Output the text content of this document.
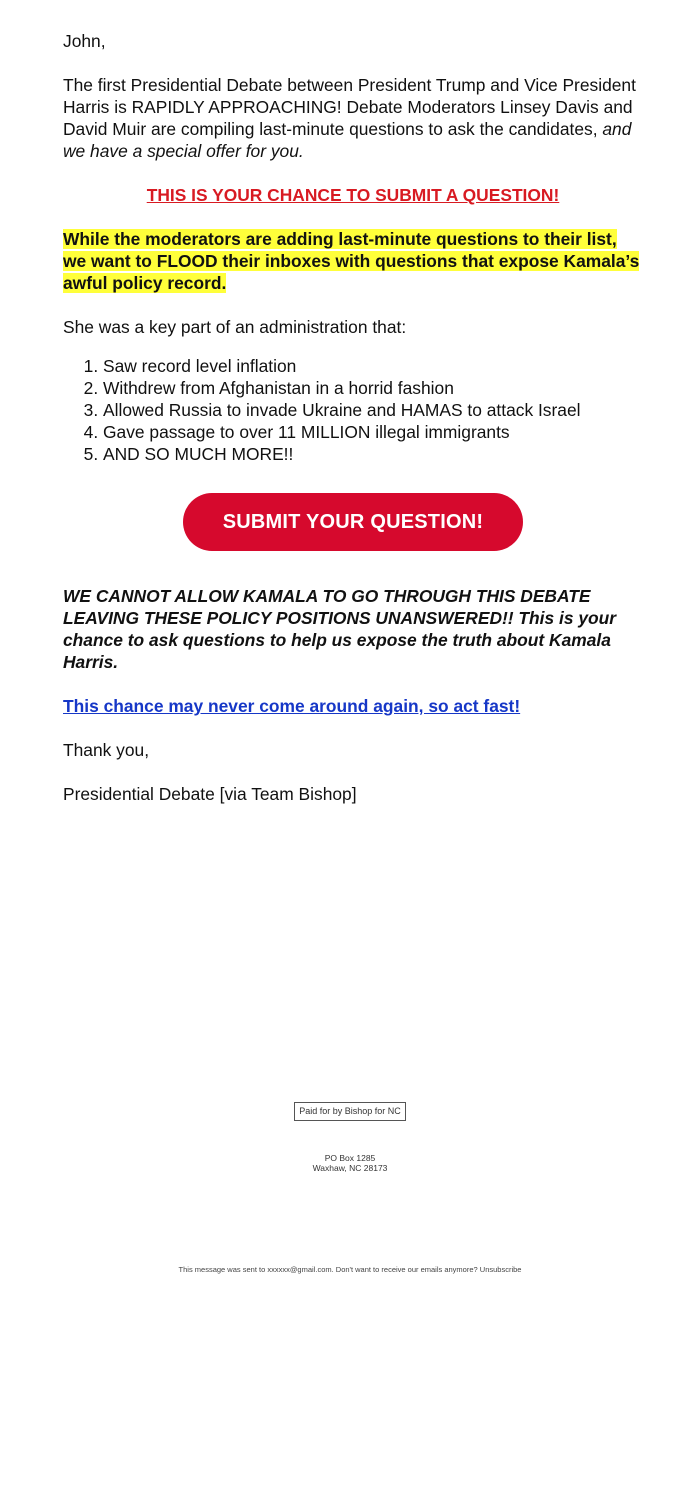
John,

The first Presidential Debate between President Trump and Vice President Harris is RAPIDLY APPROACHING! Debate Moderators Linsey Davis and David Muir are compiling last-minute questions to ask the candidates, and we have a special offer for you.

THIS IS YOUR CHANCE TO SUBMIT A QUESTION!

While the moderators are adding last-minute questions to their list, we want to FLOOD their inboxes with questions that expose Kamala’s awful policy record.

She was a key part of an administration that:

1. Saw record level inflation
2. Withdrew from Afghanistan in a horrid fashion
3. Allowed Russia to invade Ukraine and HAMAS to attack Israel
4. Gave passage to over 11 MILLION illegal immigrants
5. AND SO MUCH MORE!!
SUBMIT YOUR QUESTION!

WE CANNOT ALLOW KAMALA TO GO THROUGH THIS DEBATE LEAVING THESE POLICY POSITIONS UNANSWERED!! This is your chance to ask questions to help us expose the truth about Kamala Harris.

This chance may never come around again, so act fast!

Thank you,

Presidential Debate [via Team Bishop]

Paid for by Bishop for NC
PO Box 1285
Waxhaw, NC 28173
This message was sent to xxxxxx@gmail.com. Don't want to receive our emails anymore? Unsubscribe
